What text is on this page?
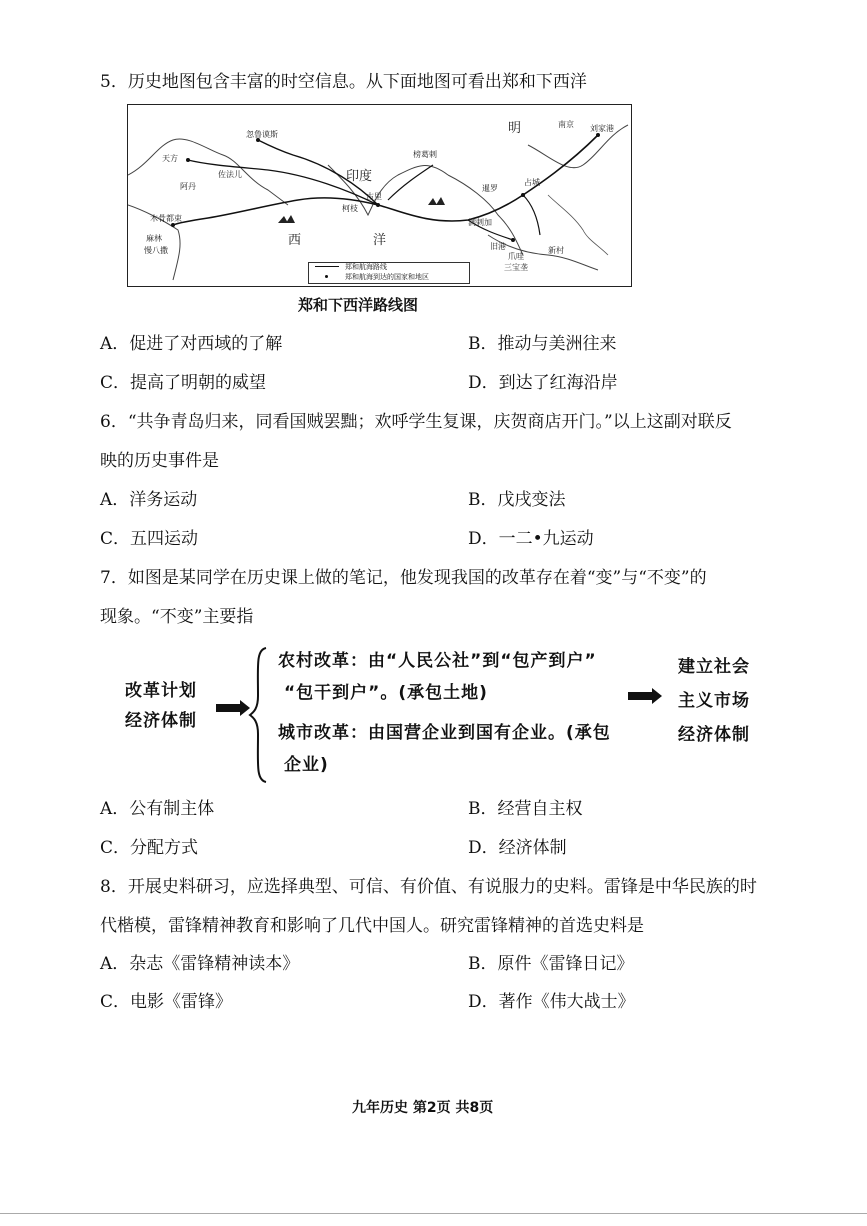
5．历史地图包含丰富的时空信息。从下面地图可看出郑和下西洋
明	南京 刘家港
忽鲁谟斯
天方
佐法儿
阿丹
木骨都束
麻林
慢八撒
印度
榜葛剌
古里
柯枝
暹罗
占城
满剌加
旧港
爪哇
三宝垄
新村
西	洋
郑和航海路线
郑和航海到达的国家和地区
郑和下西洋路线图
A．促进了对西域的了解	B．推动与美洲往来
C．提高了明朝的威望	D．到达了红海沿岸
6．“共争青岛归来，同看国贼罢黜；欢呼学生复课，庆贺商店开门。”以上这副对联反
映的历史事件是
A．洋务运动	B．戊戌变法
C．五四运动	D．一二•九运动
7．如图是某同学在历史课上做的笔记，他发现我国的改革存在着“变”与“不变”的
现象。“不变”主要指
改革计划
经济体制
农村改革：由“人民公社”到“包产到户”
“包干到户”。(承包土地)
城市改革：由国营企业到国有企业。(承包
企业)
建立社会
主义市场
经济体制
A．公有制主体	B．经营自主权
C．分配方式	D．经济体制
8．开展史料研习，应选择典型、可信、有价值、有说服力的史料。雷锋是中华民族的时
代楷模，雷锋精神教育和影响了几代中国人。研究雷锋精神的首选史料是
A．杂志《雷锋精神读本》	B．原件《雷锋日记》
C．电影《雷锋》	D．著作《伟大战士》
九年历史 第2页 共8页
